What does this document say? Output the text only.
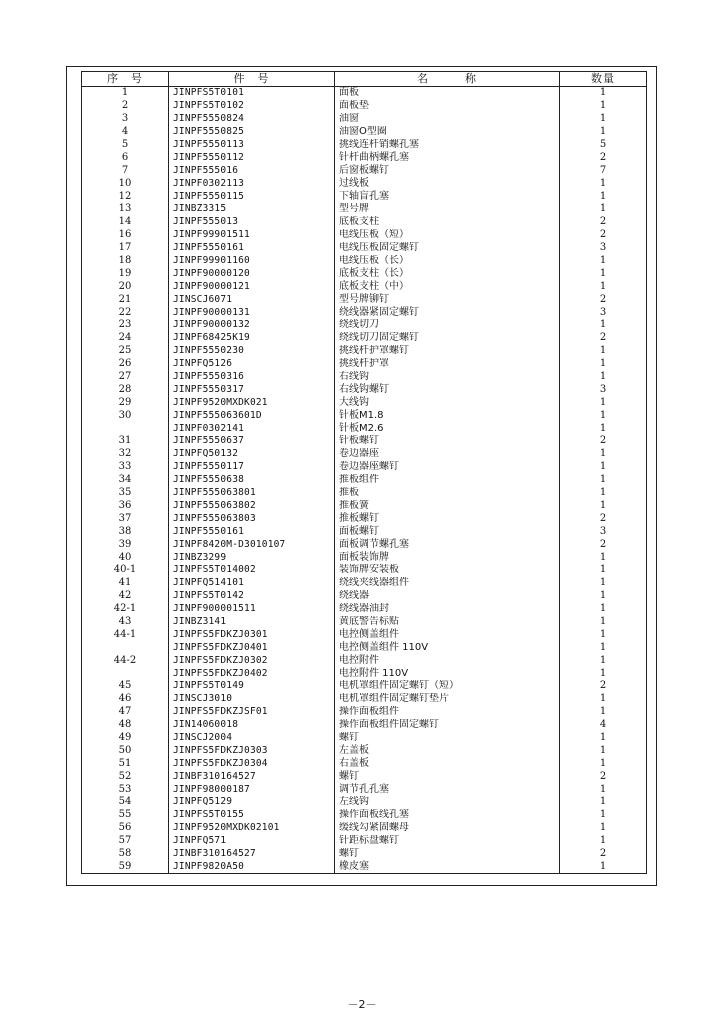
序　号	件　号	名　　　称	数量
1	JINPFS5T0101	面板	1
2	JINPFS5T0102	面板垫	1
3	JINPF5550824	油窗	1
4	JINPF5550825	油窗O型圈	1
5	JINPF5550113	挑线连杆销螺孔塞	5
6	JINPF5550112	针杆曲柄螺孔塞	2
7	JINPF555016	后窗板螺钉	7
10	JINPF0302113	过线板	1
12	JINPF5550115	下轴盲孔塞	1
13	JINBZ3315	型号牌	1
14	JINPF555013	底板支柱	2
16	JINPF99901511	电线压板（短）	2
17	JINPF5550161	电线压板固定螺钉	3
18	JINPF99901160	电线压板（长）	1
19	JINPF90000120	底板支柱（长）	1
20	JINPF90000121	底板支柱（中）	1
21	JINSCJ6071	型号牌铆钉	2
22	JINPF90000131	绕线器紧固定螺钉	3
23	JINPF90000132	绕线切刀	1
24	JINPF68425K19	绕线切刀固定螺钉	2
25	JINPF5550230	挑线杆护罩螺钉	1
26	JINPFQ5126	挑线杆护罩	1
27	JINPF5550316	右线钩	1
28	JINPF5550317	右线钩螺钉	3
29	JINPF9520MXDK021	大线钩	1
30	JINPF555063601D	针板M1.8	1
	JINPF0302141	针板M2.6	1
31	JINPF5550637	针板螺钉	2
32	JINPFQ50132	卷边器座	1
33	JINPF5550117	卷边器座螺钉	1
34	JINPF5550638	推板组件	1
35	JINPF555063801	推板	1
36	JINPF555063802	推板簧	1
37	JINPF555063803	推板螺钉	2
38	JINPF5550161	面板螺钉	3
39	JINPF8420M-D3010107	面板调节螺孔塞	2
40	JINBZ3299	面板装饰牌	1
40-1	JINPFS5T014002	装饰牌安装板	1
41	JINPFQ514101	绕线夹线器组件	1
42	JINPFS5T0142	绕线器	1
42-1	JINPF900001511	绕线器油封	1
43	JINBZ3141	黄底警告标贴	1
44-1	JINPFS5FDKZJ0301	电控侧盖组件	1
	JINPFS5FDKZJ0401	电控侧盖组件 110V	1
44-2	JINPFS5FDKZJ0302	电控附件	1
	JINPFS5FDKZJ0402	电控附件 110V	1
45	JINPFS5T0149	电机罩组件固定螺钉（短）	2
46	JINSCJ3010	电机罩组件固定螺钉垫片	1
47	JINPFS5FDKZJSF01	操作面板组件	1
48	JIN14060018	操作面板组件固定螺钉	4
49	JINSCJ2004	螺钉	1
50	JINPFS5FDKZJ0303	左盖板	1
51	JINPFS5FDKZJ0304	右盖板	1
52	JINBF310164527	螺钉	2
53	JINPF98000187	调节孔孔塞	1
54	JINPFQ5129	左线钩	1
55	JINPFS5T0155	操作面板线孔塞	1
56	JINPF9520MXDK02101	缓线勾紧固螺母	1
57	JINPFQ571	针距标盘螺钉	1
58	JINBF310164527	螺钉	2
59	JINPF9820A50	橡皮塞	1
－2－
